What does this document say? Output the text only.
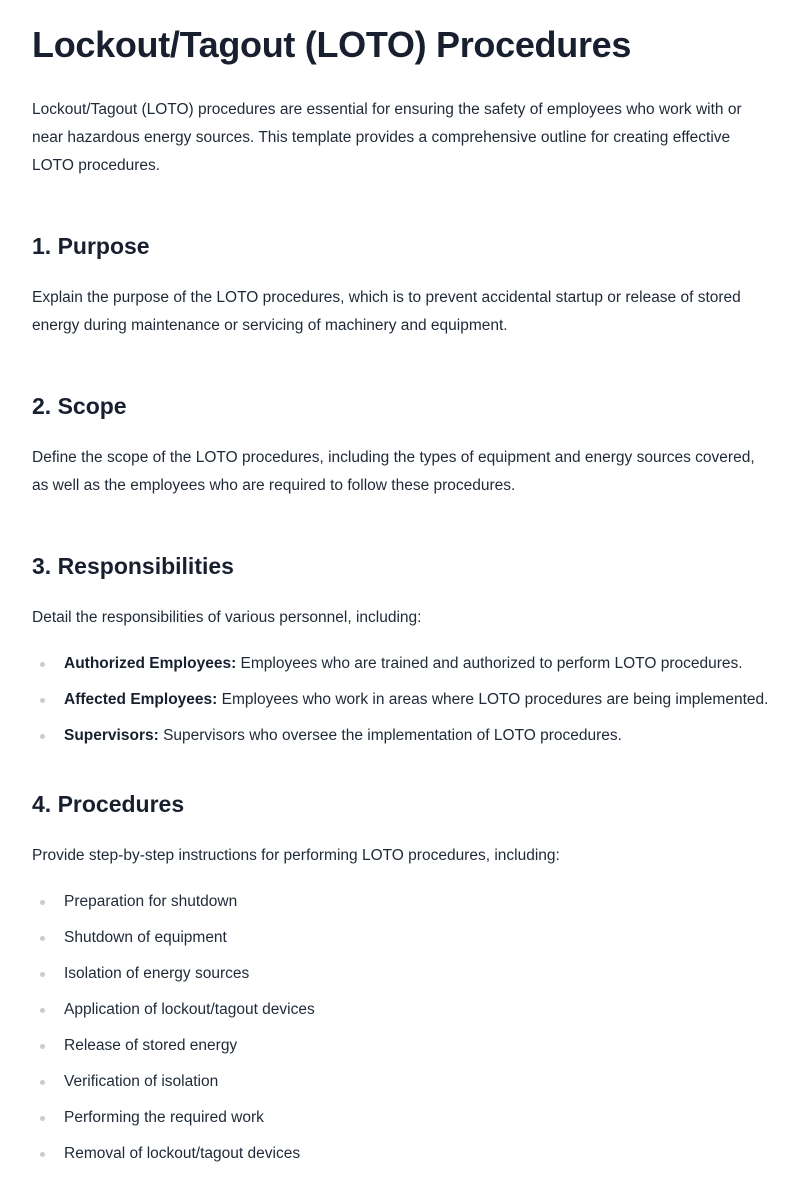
Lockout/Tagout (LOTO) Procedures

Lockout/Tagout (LOTO) procedures are essential for ensuring the safety of employees who work with or near hazardous energy sources. This template provides a comprehensive outline for creating effective LOTO procedures.

1. Purpose

Explain the purpose of the LOTO procedures, which is to prevent accidental startup or release of stored energy during maintenance or servicing of machinery and equipment.

2. Scope

Define the scope of the LOTO procedures, including the types of equipment and energy sources covered, as well as the employees who are required to follow these procedures.

3. Responsibilities

Detail the responsibilities of various personnel, including:

Authorized Employees: Employees who are trained and authorized to perform LOTO procedures.
Affected Employees: Employees who work in areas where LOTO procedures are being implemented.
Supervisors: Supervisors who oversee the implementation of LOTO procedures.
4. Procedures

Provide step-by-step instructions for performing LOTO procedures, including:

Preparation for shutdown
Shutdown of equipment
Isolation of energy sources
Application of lockout/tagout devices
Release of stored energy
Verification of isolation
Performing the required work
Removal of lockout/tagout devices
